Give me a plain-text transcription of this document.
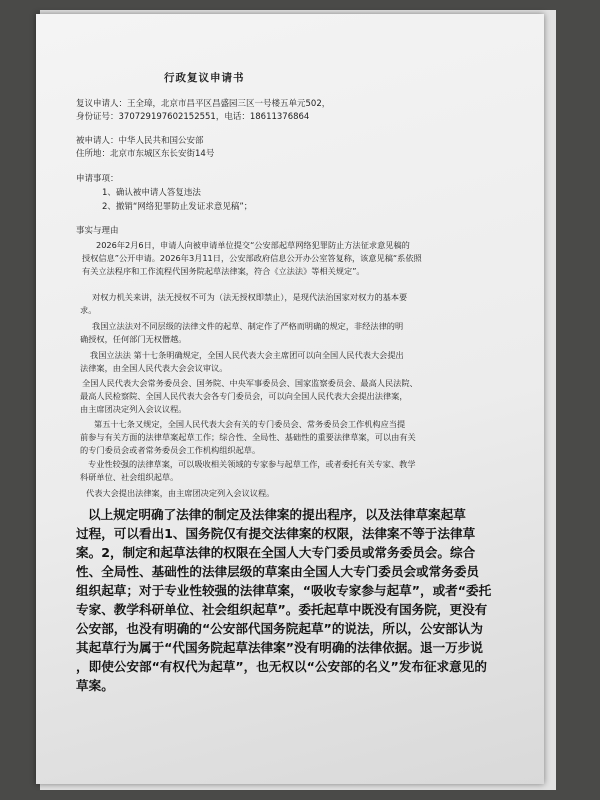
行政复议申请书
复议申请人：王全璋，北京市昌平区昌盛园三区一号楼五单元502，
身份证号：370729197602152551，电话：18611376864
被申请人：中华人民共和国公安部
住所地：北京市东城区东长安街14号
申请事项：
1、确认被申请人答复违法
2、撤销“网络犯罪防止发证求意见稿”；
事实与理由
2026年2月6日，申请人向被申请单位提交“公安部起草网络犯罪防止方法征求意见稿的
授权信息”公开申请。2026年3月11日，公安部政府信息公开办公室答复称，该意见稿“系依照
有关立法程序和工作流程代国务院起草法律案，符合《立法法》等相关规定”。
对权力机关来讲，法无授权不可为（法无授权即禁止），是现代法治国家对权力的基本要
求。
我国立法法对不同层级的法律文件的起草、制定作了严格而明确的规定，非经法律的明
确授权，任何部门无权僭越。
我国立法法 第十七条明确规定，全国人民代表大会主席团可以向全国人民代表大会提出
法律案，由全国人民代表大会会议审议。
全国人民代表大会常务委员会、国务院、中央军事委员会、国家监察委员会、最高人民法院、
最高人民检察院、全国人民代表大会各专门委员会，可以向全国人民代表大会提出法律案，
由主席团决定列入会议议程。
第五十七条又规定，全国人民代表大会有关的专门委员会、常务委员会工作机构应当提
前参与有关方面的法律草案起草工作；综合性、全局性、基础性的重要法律草案，可以由有关
的专门委员会或者常务委员会工作机构组织起草。
专业性较强的法律草案，可以吸收相关领域的专家参与起草工作，或者委托有关专家、教学
科研单位、社会组织起草。
代表大会提出法律案，由主席团决定列入会议议程。
以上规定明确了法律的制定及法律案的提出程序，以及法律草案起草
过程，可以看出1、国务院仅有提交法律案的权限，法律案不等于法律草
案。2，制定和起草法律的权限在全国人大专门委员或常务委员会。综合
性、全局性、基础性的法律层级的草案由全国人大专门委员会或常务委员
组织起草；对于专业性较强的法律草案，“吸收专家参与起草”，或者“委托
专家、教学科研单位、社会组织起草”。委托起草中既没有国务院，更没有
公安部，也没有明确的“公安部代国务院起草”的说法，所以，公安部认为
其起草行为属于“代国务院起草法律案”没有明确的法律依据。退一万步说
，即使公安部“有权代为起草”，也无权以“公安部的名义”发布征求意见的
草案。
